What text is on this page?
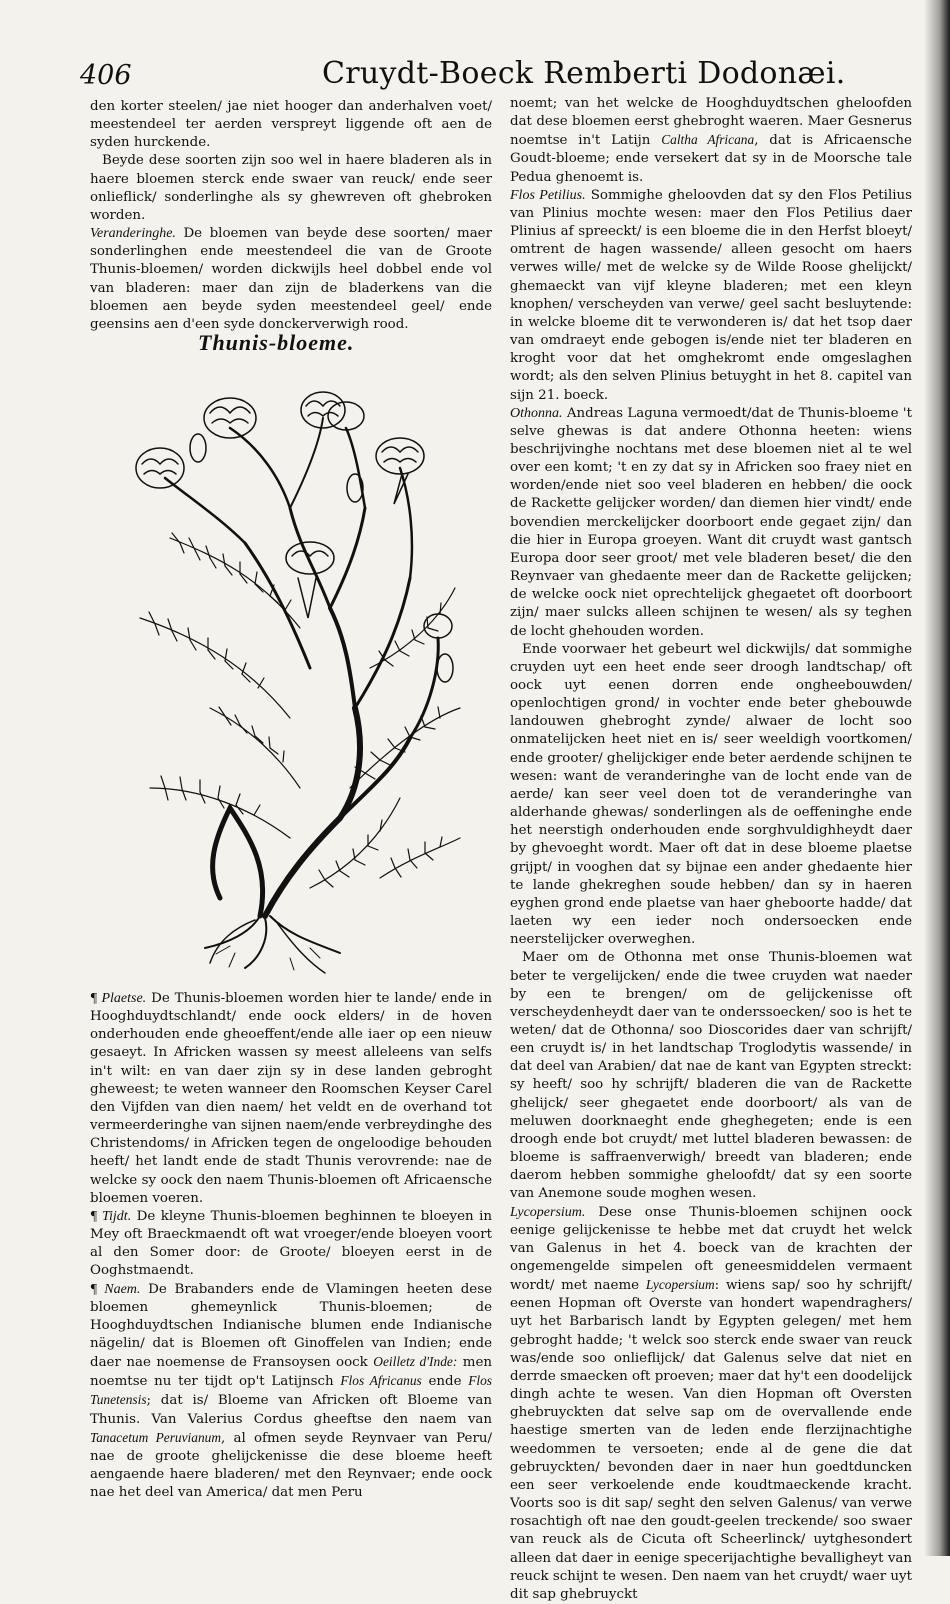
406	Cruydt-Boeck Remberti Dodonæi.

den korter steelen/ jae niet hooger dan anderhalven voet/ meestendeel ter aerden verspreyt liggende oft aen de syden hurckende.

Beyde dese soorten zijn soo wel in haere bladeren als in haere bloemen sterck ende swaer van reuck/ ende seer onlieflick/ sonderlinghe als sy ghewreven oft ghebroken worden.

Veranderinghe. De bloemen van beyde dese soorten/ maer sonderlinghen ende meestendeel die van de Groote Thunis-bloemen/ worden dickwijls heel dobbel ende vol van bladeren: maer dan zijn de bladerkens van die bloemen aen beyde syden meestendeel geel/ ende geensins aen d'een syde donckerverwigh rood.

Thunis-bloeme.

¶ Plaetse. De Thunis-bloemen worden hier te lande/ ende in Hooghduydtschlandt/ ende oock elders/ in de hoven onderhouden ende gheoeffent/ende alle iaer op een nieuw gesaeyt. In Africken wassen sy meest alleleens van selfs in't wilt: en van daer zijn sy in dese landen gebroght gheweest; te weten wanneer den Roomschen Keyser Carel den Vijfden van dien naem/ het veldt en de overhand tot vermeerderinghe van sijnen naem/ende verbreydinghe des Christendoms/ in Africken tegen de ongeloodige behouden heeft/ het landt ende de stadt Thunis verovrende: nae de welcke sy oock den naem Thunis-bloemen oft Africaensche bloemen voeren.

¶ Tijdt. De kleyne Thunis-bloemen beghinnen te bloeyen in Mey oft Braeckmaendt oft wat vroeger/ende bloeyen voort al den Somer door: de Groote/ bloeyen eerst in de Ooghstmaendt.

¶ Naem. De Brabanders ende de Vlamingen heeten dese bloemen ghemeynlick Thunis-bloemen; de Hooghduydtschen Indianische blumen ende Indianische nägelin/ dat is Bloemen oft Ginoffelen van Indien; ende daer nae noemense de Fransoysen oock Oeilletz d'Inde: men noemtse nu ter tijdt op't Latijnsch Flos Africanus ende Flos Tunetensis; dat is/ Bloeme van Africken oft Bloeme van Thunis. Van Valerius Cordus gheeftse den naem van Tanacetum Peruvianum, al ofmen seyde Reynvaer van Peru/ nae de groote ghelijckenisse die dese bloeme heeft aengaende haere bladeren/ met den Reynvaer; ende oock nae het deel van America/ dat men Peru

noemt; van het welcke de Hooghduydtschen gheloofden dat dese bloemen eerst ghebroght waeren. Maer Gesnerus noemtse in't Latijn Caltha Africana, dat is Africaensche Goudt-bloeme; ende versekert dat sy in de Moorsche tale Pedua ghenoemt is.

Flos Petilius. Sommighe gheloovden dat sy den Flos Petilius van Plinius mochte wesen: maer den Flos Petilius daer Plinius af spreeckt/ is een bloeme die in den Herfst bloeyt/ omtrent de hagen wassende/ alleen gesocht om haers verwes wille/ met de welcke sy de Wilde Roose ghelijckt/ ghemaeckt van vijf kleyne bladeren; met een kleyn knophen/ verscheyden van verwe/ geel sacht besluytende: in welcke bloeme dit te verwonderen is/ dat het tsop daer van omdraeyt ende gebogen is/ende niet ter bladeren en kroght voor dat het omghekromt ende omgeslaghen wordt; als den selven Plinius betuyght in het 8. capitel van sijn 21. boeck.

Othonna. Andreas Laguna vermoedt/dat de Thunis-bloeme 't selve ghewas is dat andere Othonna heeten: wiens beschrijvinghe nochtans met dese bloemen niet al te wel over een komt; 't en zy dat sy in Africken soo fraey niet en worden/ende niet soo veel bladeren en hebben/ die oock de Rackette gelijcker worden/ dan diemen hier vindt/ ende bovendien merckelijcker doorboort ende gegaet zijn/ dan die hier in Europa groeyen. Want dit cruydt wast gantsch Europa door seer groot/ met vele bladeren beset/ die den Reynvaer van ghedaente meer dan de Rackette gelijcken; de welcke oock niet oprechtelijck ghegaetet oft doorboort zijn/ maer sulcks alleen schijnen te wesen/ als sy teghen de locht ghehouden worden.

Ende voorwaer het gebeurt wel dickwijls/ dat sommighe cruyden uyt een heet ende seer droogh landtschap/ oft oock uyt eenen dorren ende ongheebouwden/ openlochtigen grond/ in vochter ende beter ghebouwde landouwen ghebroght zynde/ alwaer de locht soo onmatelijcken heet niet en is/ seer weeldigh voortkomen/ ende grooter/ ghelijckiger ende beter aerdende schijnen te wesen: want de veranderinghe van de locht ende van de aerde/ kan seer veel doen tot de veranderinghe van alderhande ghewas/ sonderlingen als de oeffeninghe ende het neerstigh onderhouden ende sorghvuldighheydt daer by ghevoeght wordt. Maer oft dat in dese bloeme plaetse grijpt/ in vooghen dat sy bijnae een ander ghedaente hier te lande ghekreghen soude hebben/ dan sy in haeren eyghen grond ende plaetse van haer gheboorte hadde/ dat laeten wy een ieder noch ondersoecken ende neerstelijcker overweghen.

Maer om de Othonna met onse Thunis-bloemen wat beter te vergelijcken/ ende die twee cruyden wat naeder by een te brengen/ om de gelijckenisse oft verscheydenheydt daer van te onderssoecken/ soo is het te weten/ dat de Othonna/ soo Dioscorides daer van schrijft/ een cruydt is/ in het landtschap Troglodytis wassende/ in dat deel van Arabien/ dat nae de kant van Egypten streckt: sy heeft/ soo hy schrijft/ bladeren die van de Rackette ghelijck/ seer ghegaetet ende doorboort/ als van de meluwen doorknaeght ende gheghegeten; ende is een droogh ende bot cruydt/ met luttel bladeren bewassen: de bloeme is saffraenverwigh/ breedt van bladeren; ende daerom hebben sommighe gheloofdt/ dat sy een soorte van Anemone soude moghen wesen.

Lycopersium. Dese onse Thunis-bloemen schijnen oock eenige gelijckenisse te hebbe met dat cruydt het welck van Galenus in het 4. boeck van de krachten der ongemengelde simpelen oft geneesmiddelen vermaent wordt/ met naeme Lycopersium: wiens sap/ soo hy schrijft/ eenen Hopman oft Overste van hondert wapendraghers/ uyt het Barbarisch landt by Egypten gelegen/ met hem gebroght hadde; 't welck soo sterck ende swaer van reuck was/ende soo onlieflijck/ dat Galenus selve dat niet en derrde smaecken oft proeven; maer dat hy't een doodelijck dingh achte te wesen. Van dien Hopman oft Oversten ghebruyckten dat selve sap om de overvallende ende haestige smerten van de leden ende flerzijnachtighe weedommen te versoeten; ende al de gene die dat gebruyckten/ bevonden daer in naer hun goedtduncken een seer verkoelende ende koudtmaeckende kracht. Voorts soo is dit sap/ seght den selven Galenus/ van verwe rosachtigh oft nae den goudt-geelen treckende/ soo swaer van reuck als de Cicuta oft Scheerlinck/ uytghesondert alleen dat daer in eenige specerijachtighe bevalligheyt van reuck schijnt te wesen. Den naem van het cruydt/ waer uyt dit sap ghebruyckt
